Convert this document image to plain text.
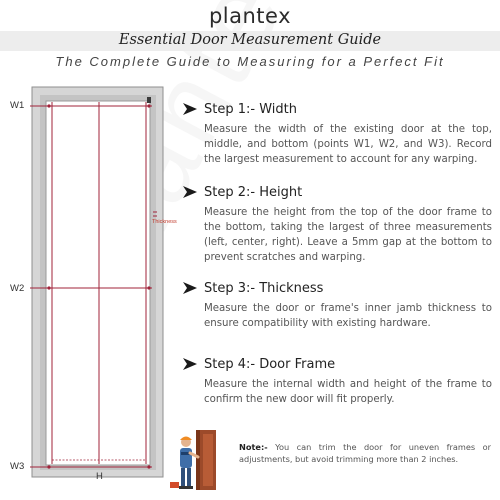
plantex
Essential Door Measurement Guide
The Complete Guide to Measuring for a Perfect Fit
W1
W2
W3
H
Thickness
Step 1:- Width
Measure the width of the existing door at the top, middle, and bottom (points W1, W2, and W3). Record the largest measurement to account for any warping.
Step 2:- Height
Measure the height from the top of the door frame to the bottom, taking the largest of three measurements (left, center, right). Leave a 5mm gap at the bottom to prevent scratches and warping.
Step 3:- Thickness
Measure the door or frame's inner jamb thickness to ensure compatibility with existing hardware.
Step 4:- Door Frame
Measure the internal width and height of the frame to confirm the new door will fit properly.
Note:- You can trim the door for uneven frames or adjustments, but avoid trimming more than 2 inches.
